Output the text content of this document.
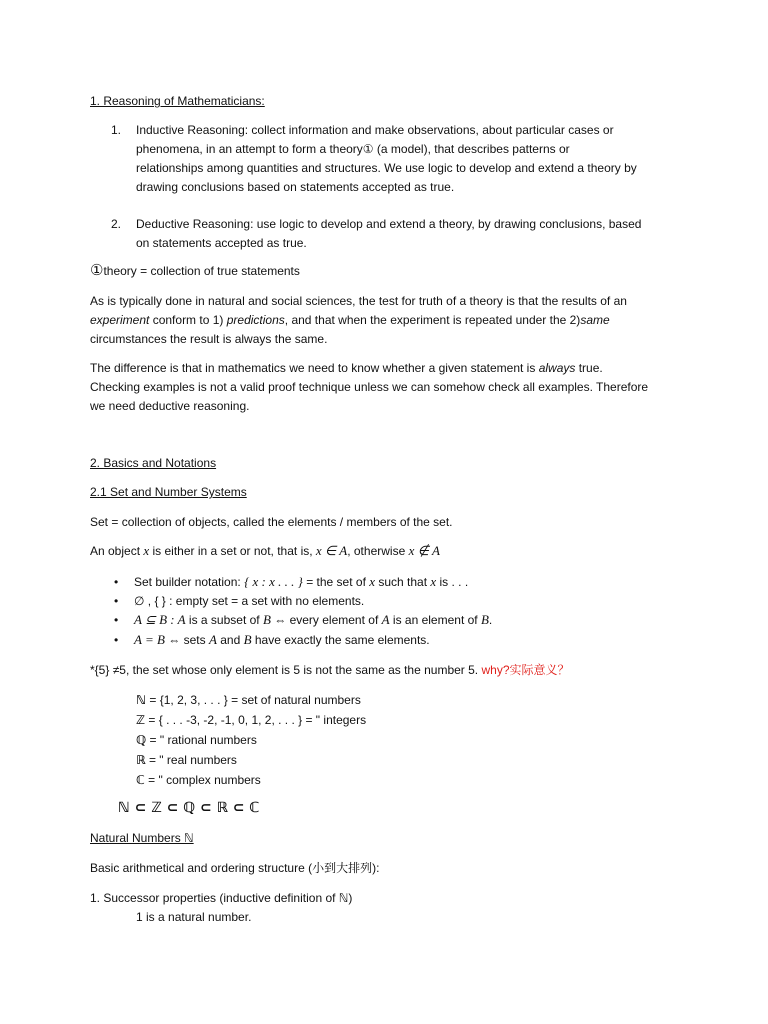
1. Reasoning of Mathematicians:
1. Inductive Reasoning: collect information and make observations, about particular cases or
phenomena, in an attempt to form a theory① (a model), that describes patterns or
relationships among quantities and structures. We use logic to develop and extend a theory by
drawing conclusions based on statements accepted as true.
2. Deductive Reasoning: use logic to develop and extend a theory, by drawing conclusions, based
on statements accepted as true.
①theory = collection of true statements
As is typically done in natural and social sciences, the test for truth of a theory is that the results of an
experiment conform to 1) predictions, and that when the experiment is repeated under the 2)same
circumstances the result is always the same.
The difference is that in mathematics we need to know whether a given statement is always true.
Checking examples is not a valid proof technique unless we can somehow check all examples. Therefore
we need deductive reasoning.
2. Basics and Notations
2.1 Set and Number Systems
Set = collection of objects, called the elements / members of the set.
An object x is either in a set or not, that is, x ∈ A, otherwise x ∉ A
• Set builder notation: { x : x . . . } = the set of x such that x is . . .
• ∅ , { } : empty set = a set with no elements.
• A ⊆ B : A is a subset of B ⇔ every element of A is an element of B.
• A = B ⇔ sets A and B have exactly the same elements.
*{5} ≠5, the set whose only element is 5 is not the same as the number 5. why?实际意义？
ℕ = {1, 2, 3, . . . } = set of natural numbers
ℤ = { . . . -3, -2, -1, 0, 1, 2, . . . } = " integers
ℚ = " rational numbers
ℝ = " real numbers
ℂ = " complex numbers
ℕ ⊂ ℤ ⊂ ℚ ⊂ ℝ ⊂ ℂ
Natural Numbers ℕ
Basic arithmetical and ordering structure (小到大排列):
1. Successor properties (inductive definition of ℕ)
1 is a natural number.
